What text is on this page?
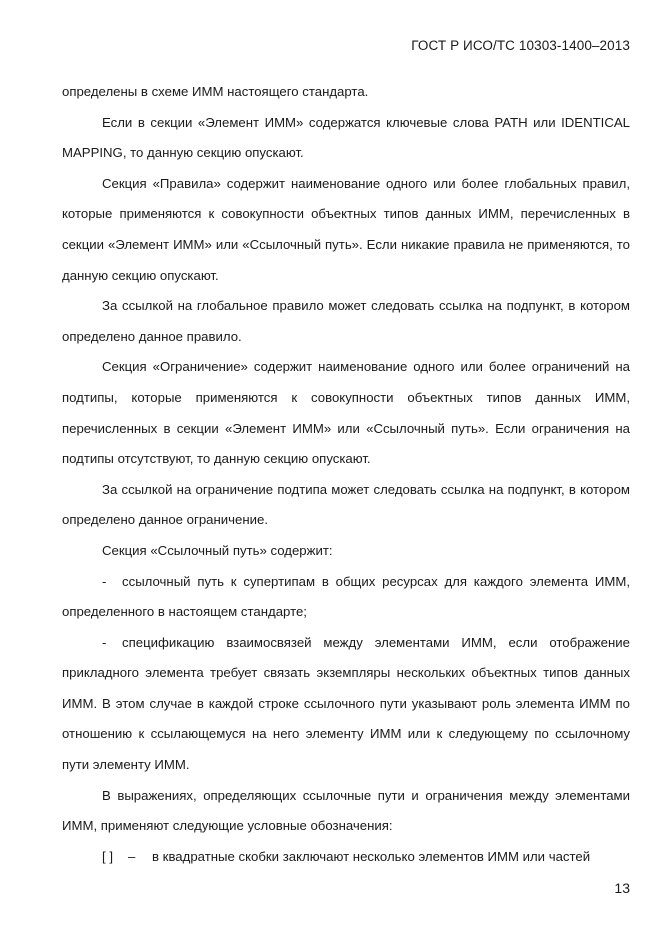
ГОСТ Р ИСО/ТС 10303-1400–2013

определены в схеме ИММ настоящего стандарта.

Если в секции «Элемент ИММ» содержатся ключевые слова PATH или IDENTICAL MAPPING, то данную секцию опускают.

Секция «Правила» содержит наименование одного или более глобальных правил, которые применяются к совокупности объектных типов данных ИММ, перечисленных в секции «Элемент ИММ» или «Ссылочный путь». Если никакие правила не применяются, то данную секцию опускают.

За ссылкой на глобальное правило может следовать ссылка на подпункт, в котором определено данное правило.

Секция «Ограничение» содержит наименование одного или более ограничений на подтипы, которые применяются к совокупности объектных типов данных ИММ, перечисленных в секции «Элемент ИММ» или «Ссылочный путь». Если ограничения на подтипы отсутствуют, то данную секцию опускают.

За ссылкой на ограничение подтипа может следовать ссылка на подпункт, в котором определено данное ограничение.

Секция «Ссылочный путь» содержит:

- ссылочный путь к супертипам в общих ресурсах для каждого элемента ИММ, определенного в настоящем стандарте;

- спецификацию взаимосвязей между элементами ИММ, если отображение прикладного элемента требует связать экземпляры нескольких объектных типов данных ИММ. В этом случае в каждой строке ссылочного пути указывают роль элемента ИММ по отношению к ссылающемуся на него элементу ИММ или к следующему по ссылочному пути элементу ИММ.

В выражениях, определяющих ссылочные пути и ограничения между элементами ИММ, применяют следующие условные обозначения:

[ ] – в квадратные скобки заключают несколько элементов ИММ или частей

13
